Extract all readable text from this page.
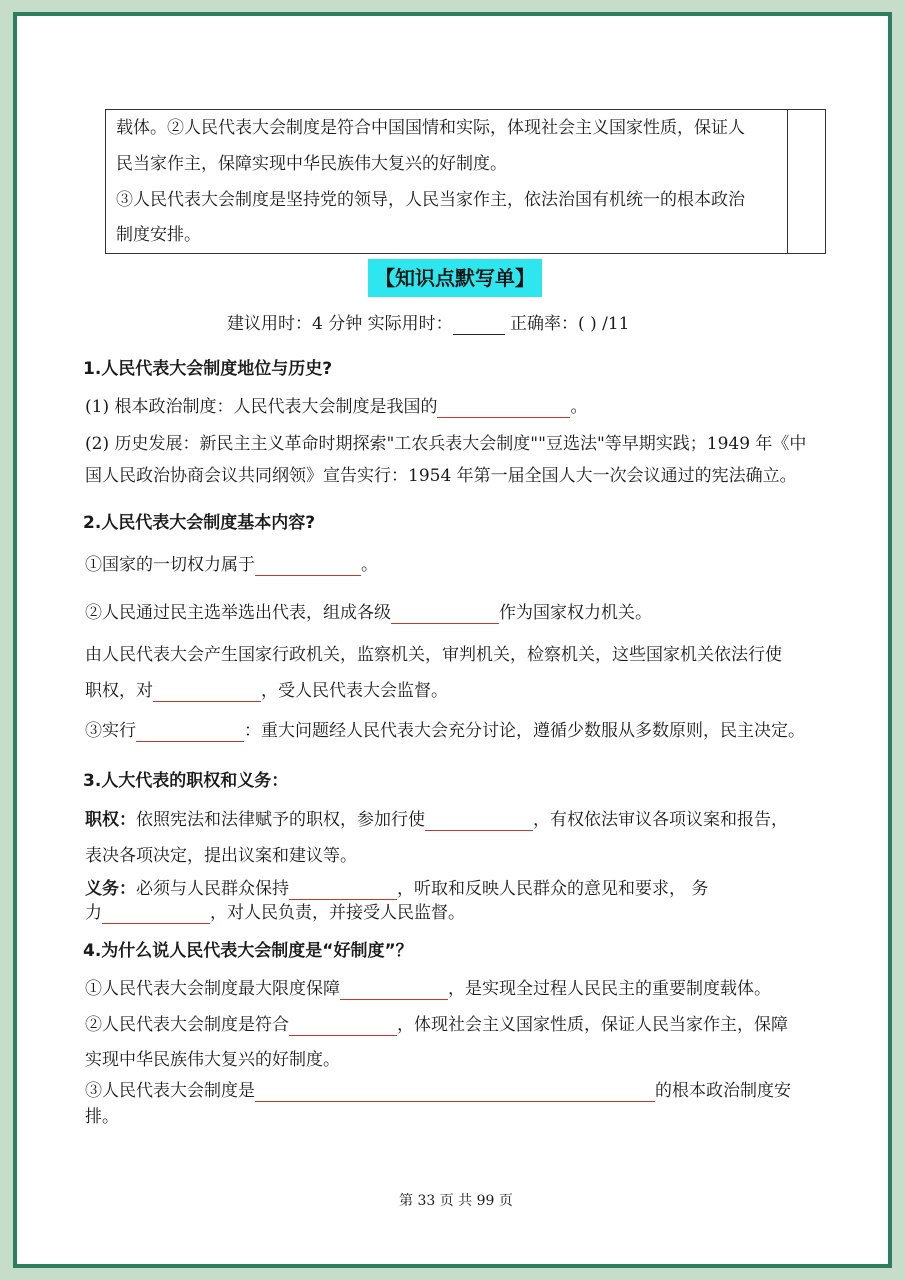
载体。②人民代表大会制度是符合中国国情和实际，体现社会主义国家性质，保证人
民当家作主，保障实现中华民族伟大复兴的好制度。
③人民代表大会制度是坚持党的领导，人民当家作主，依法治国有机统一的根本政治
制度安排。
【知识点默写单】
建议用时：4 分钟 实际用时：	正确率：( ) /11
1.人民代表大会制度地位与历史?
(1) 根本政治制度：人民代表大会制度是我国的	。
(2) 历史发展：新民主主义革命时期探索"工农兵表大会制度""豆选法"等早期实践；1949 年《中
国人民政治协商会议共同纲领》宣告实行：1954 年第一届全国人大一次会议通过的宪法确立。
2.人民代表大会制度基本内容?
①国家的一切权力属于	。
②人民通过民主选举选出代表，组成各级	作为国家权力机关。
由人民代表大会产生国家行政机关，监察机关，审判机关，检察机关，这些国家机关依法行使
职权，对	，受人民代表大会监督。
③实行	：重大问题经人民代表大会充分讨论，遵循少数服从多数原则，民主决定。
3.人大代表的职权和义务：
职权：依照宪法和法律赋予的职权，参加行使	，有权依法审议各项议案和报告，
表决各项决定，提出议案和建议等。
义务：必须与人民群众保持	，听取和反映人民群众的意见和要求， 务
力	，对人民负责，并接受人民监督。
4.为什么说人民代表大会制度是“好制度”？
①人民代表大会制度最大限度保障	，是实现全过程人民民主的重要制度载体。
②人民代表大会制度是符合	，体现社会主义国家性质，保证人民当家作主，保障
实现中华民族伟大复兴的好制度。
③人民代表大会制度是	的根本政治制度安
排。
第 33 页 共 99 页
